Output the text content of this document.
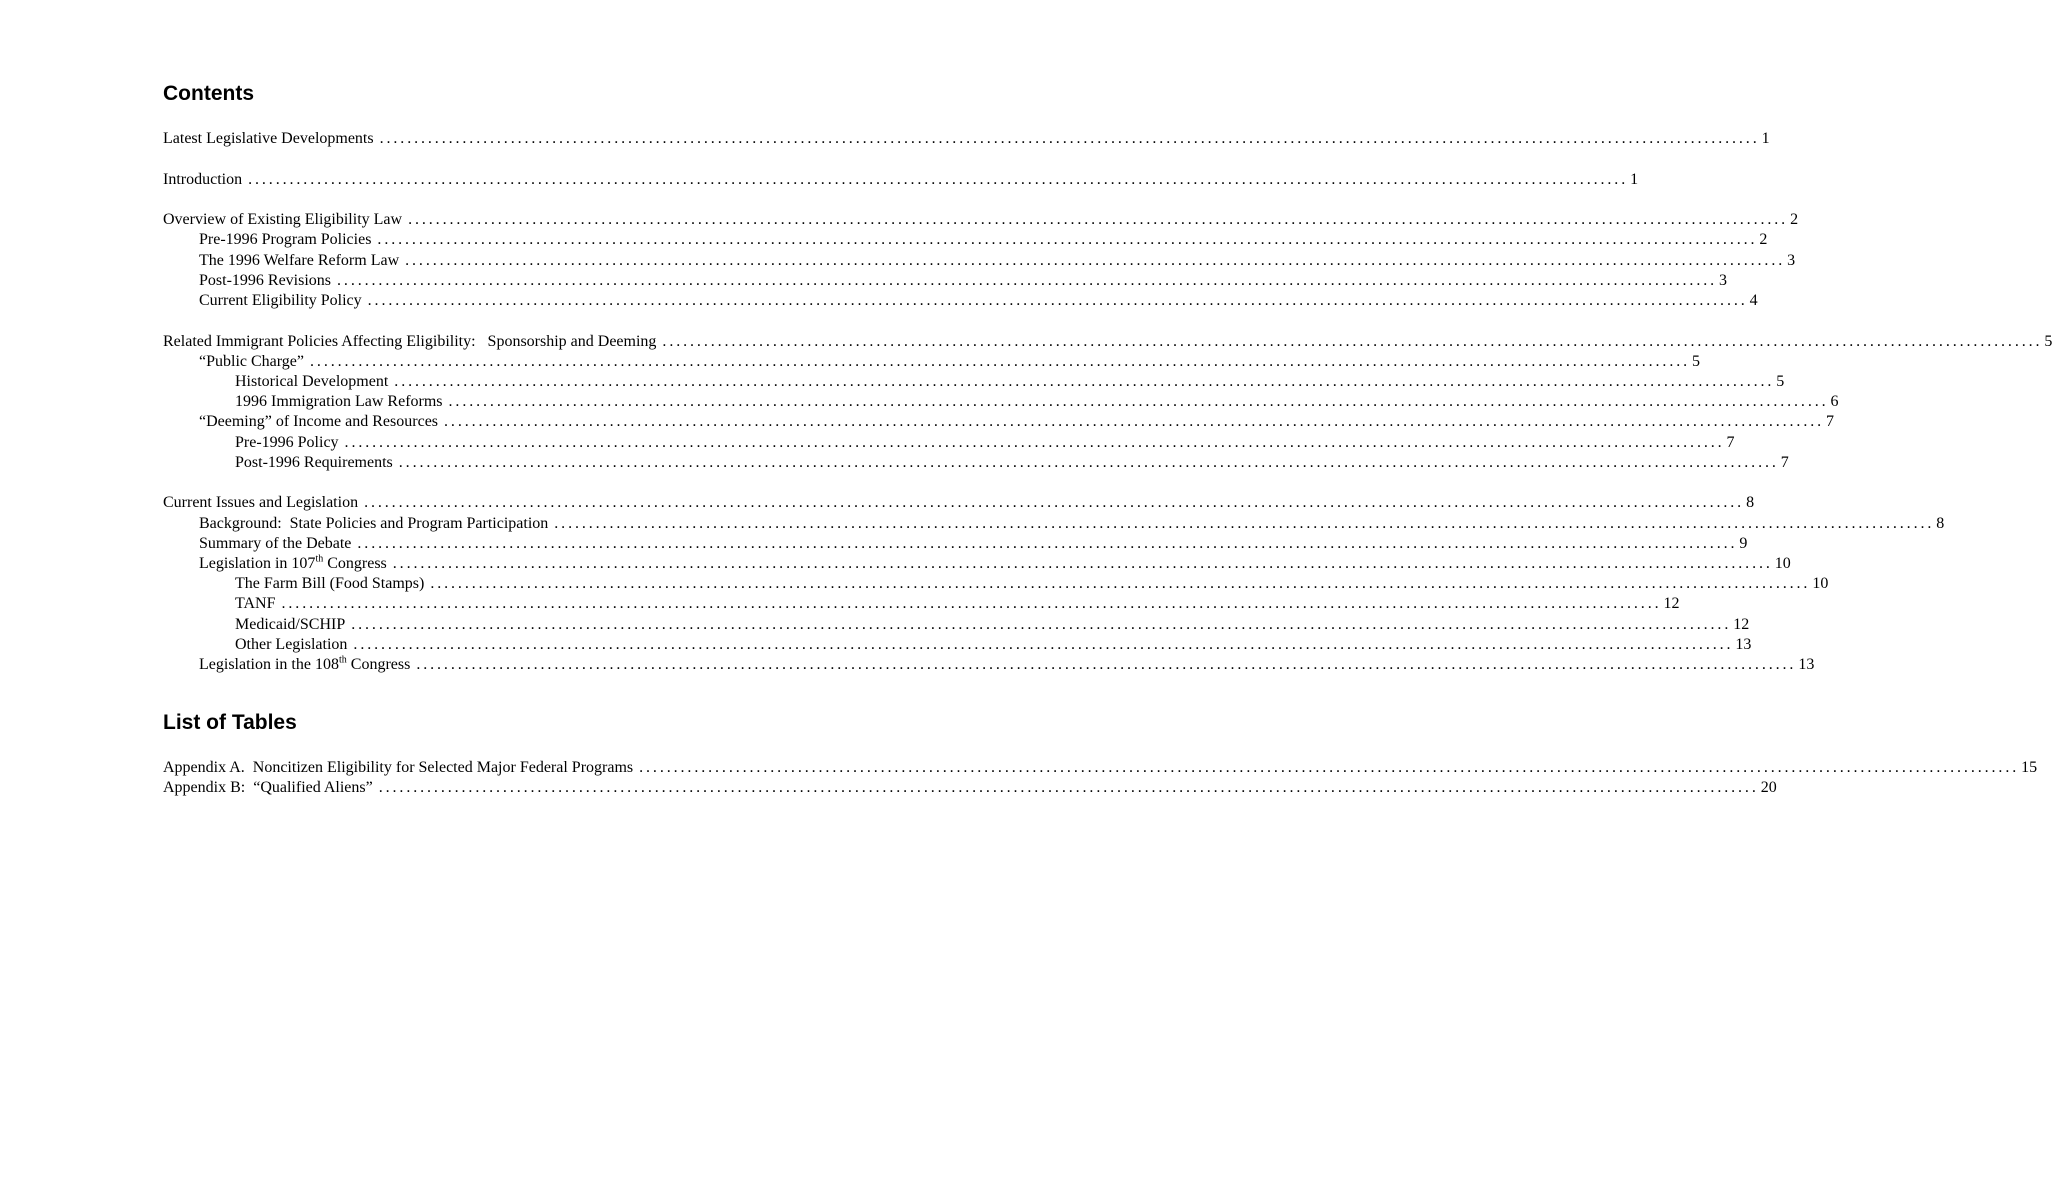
Contents
Latest Legislative Developments ........................................................................................................................................................................................................ 1
Introduction ........................................................................................................................................................................................................ 1
Overview of Existing Eligibility Law ........................................................................................................................................................................................................ 2
Pre-1996 Program Policies ........................................................................................................................................................................................................ 2
The 1996 Welfare Reform Law ........................................................................................................................................................................................................ 3
Post-1996 Revisions ........................................................................................................................................................................................................ 3
Current Eligibility Policy ........................................................................................................................................................................................................ 4
Related Immigrant Policies Affecting Eligibility:   Sponsorship and Deeming ........................................................................................................................................................................................................ 5
“Public Charge” ........................................................................................................................................................................................................ 5
Historical Development ........................................................................................................................................................................................................ 5
1996 Immigration Law Reforms ........................................................................................................................................................................................................ 6
“Deeming” of Income and Resources ........................................................................................................................................................................................................ 7
Pre-1996 Policy ........................................................................................................................................................................................................ 7
Post-1996 Requirements ........................................................................................................................................................................................................ 7
Current Issues and Legislation ........................................................................................................................................................................................................ 8
Background:  State Policies and Program Participation ........................................................................................................................................................................................................ 8
Summary of the Debate ........................................................................................................................................................................................................ 9
Legislation in 107th Congress ........................................................................................................................................................................................................ 10
The Farm Bill (Food Stamps) ........................................................................................................................................................................................................ 10
TANF ........................................................................................................................................................................................................ 12
Medicaid/SCHIP ........................................................................................................................................................................................................ 12
Other Legislation ........................................................................................................................................................................................................ 13
Legislation in the 108th Congress ........................................................................................................................................................................................................ 13
List of Tables
Appendix A.  Noncitizen Eligibility for Selected Major Federal Programs ........................................................................................................................................................................................................ 15
Appendix B:  “Qualified Aliens” ........................................................................................................................................................................................................ 20
